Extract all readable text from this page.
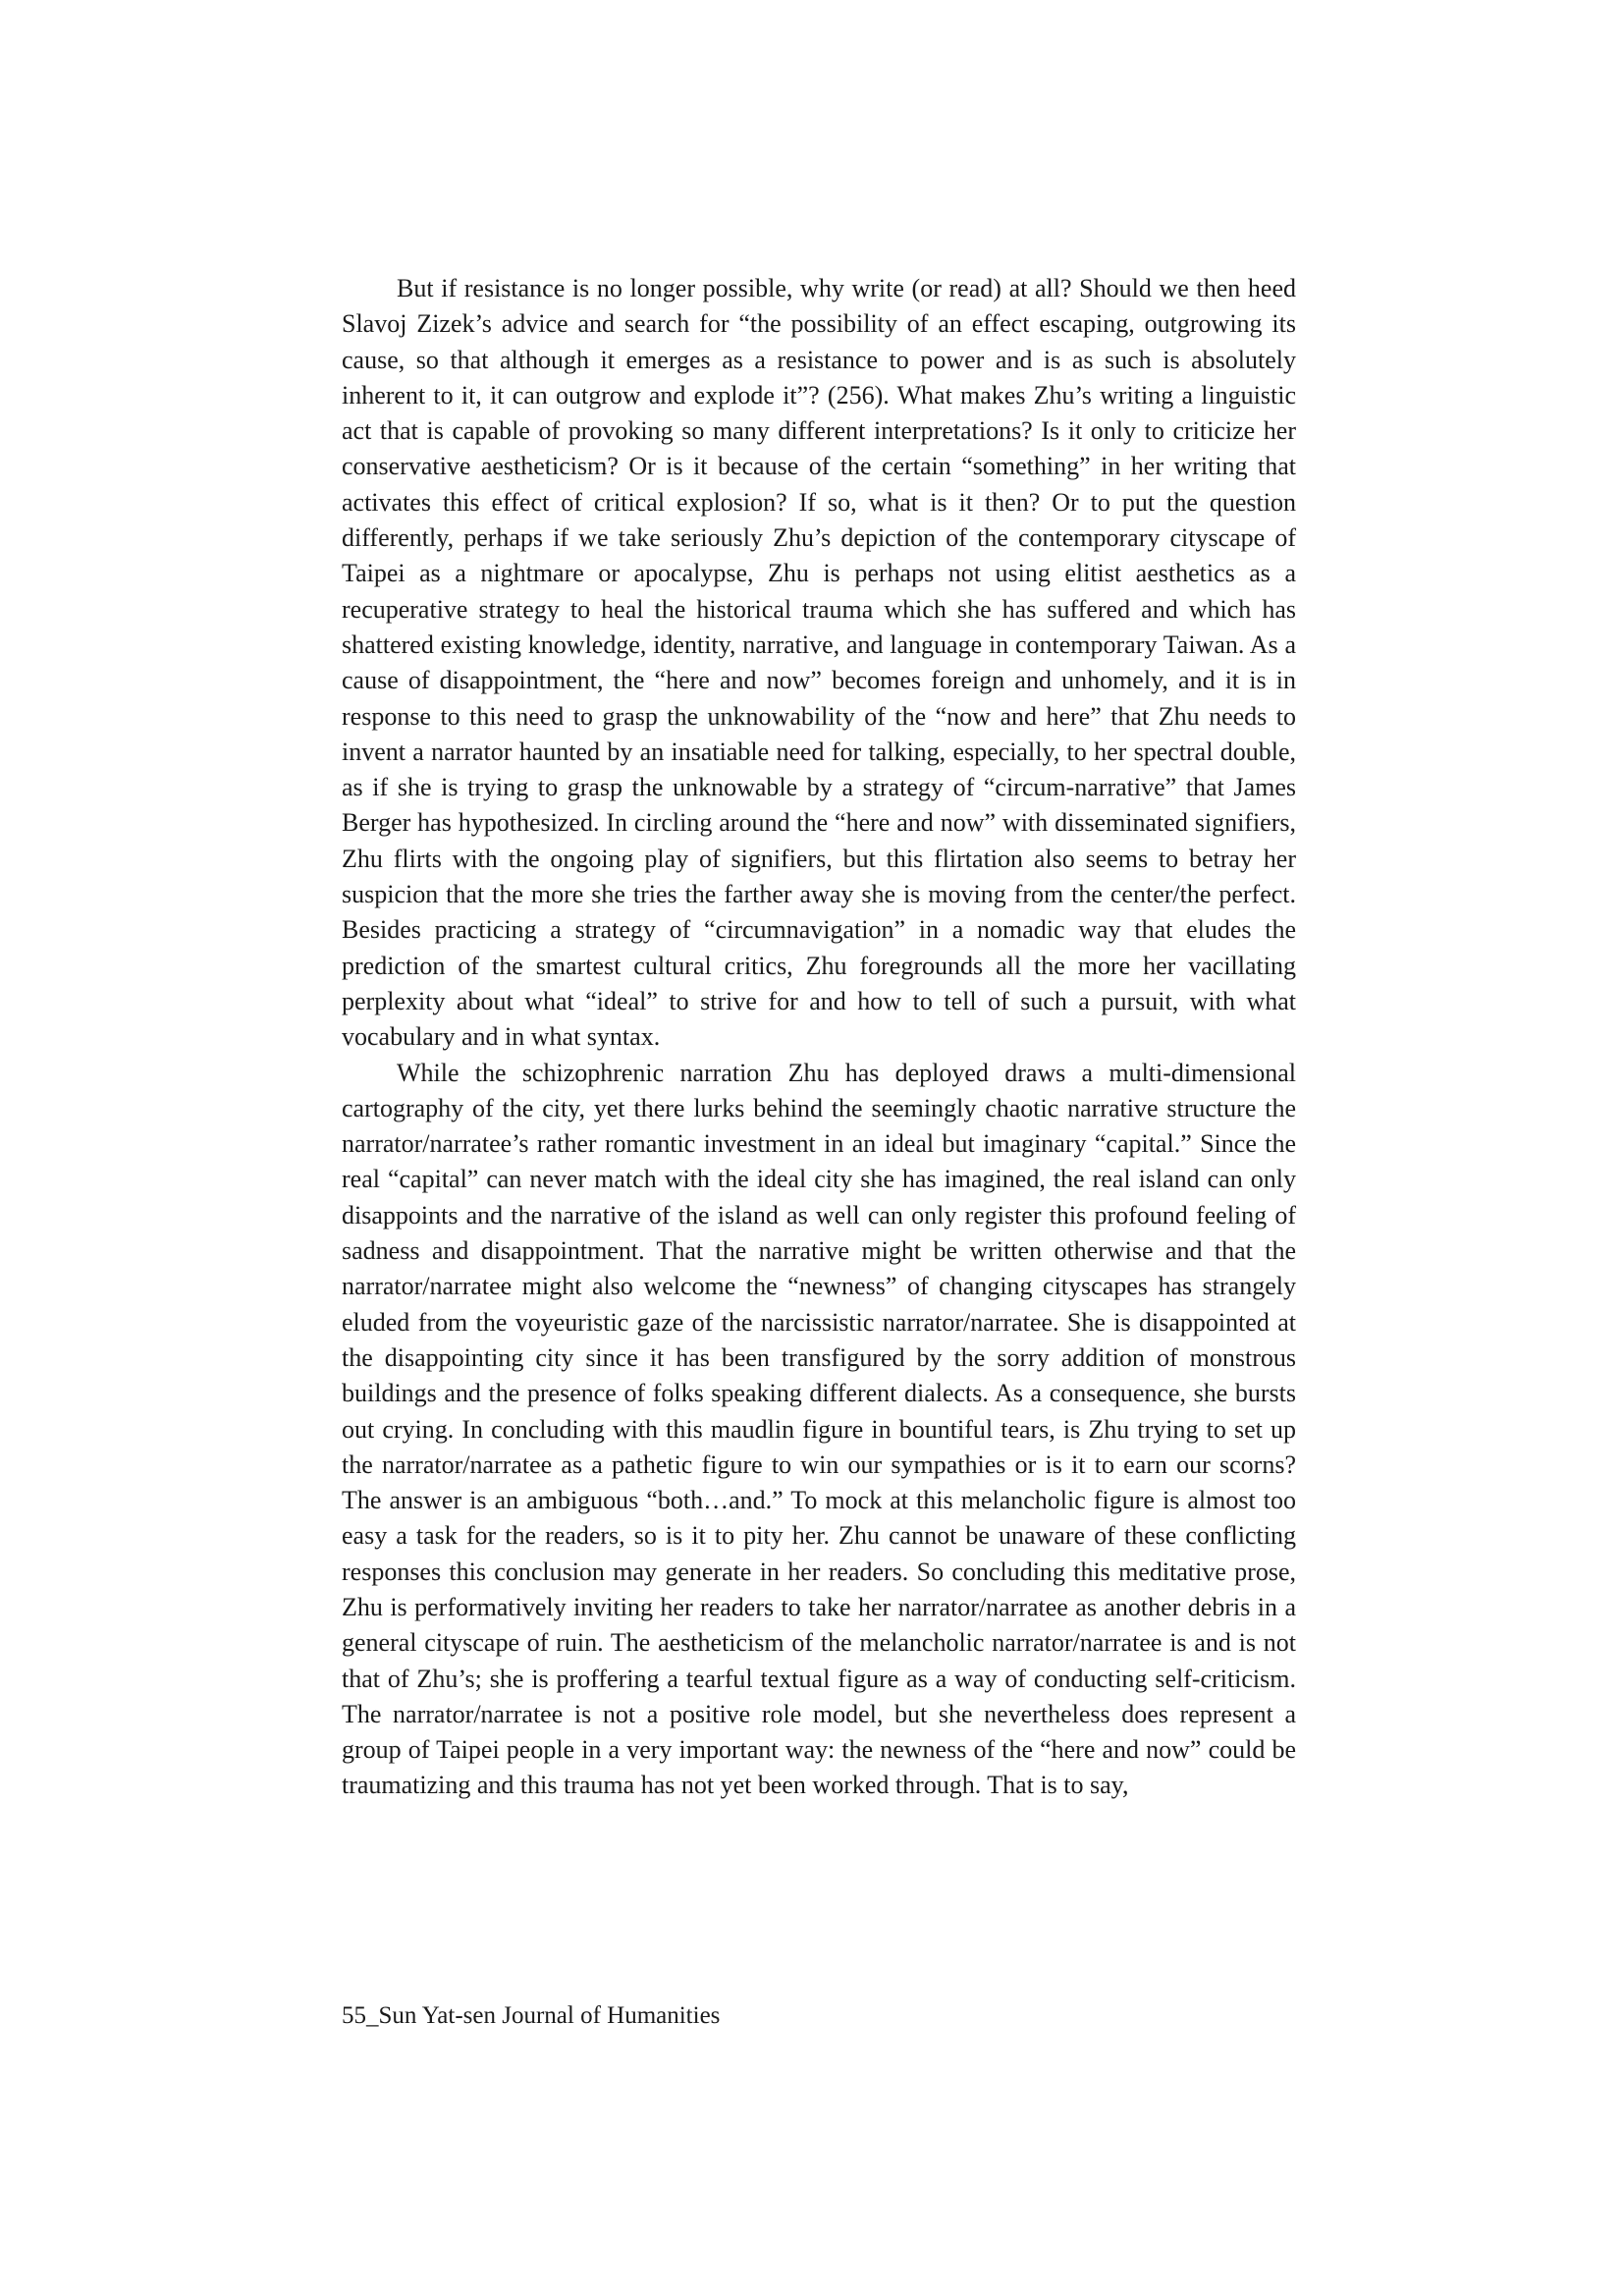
But if resistance is no longer possible, why write (or read) at all? Should we then heed Slavoj Zizek’s advice and search for “the possibility of an effect escaping, outgrowing its cause, so that although it emerges as a resistance to power and is as such is absolutely inherent to it, it can outgrow and explode it”? (256). What makes Zhu’s writing a linguistic act that is capable of provoking so many different interpretations? Is it only to criticize her conservative aestheticism? Or is it because of the certain “something” in her writing that activates this effect of critical explosion? If so, what is it then? Or to put the question differently, perhaps if we take seriously Zhu’s depiction of the contemporary cityscape of Taipei as a nightmare or apocalypse, Zhu is perhaps not using elitist aesthetics as a recuperative strategy to heal the historical trauma which she has suffered and which has shattered existing knowledge, identity, narrative, and language in contemporary Taiwan. As a cause of disappointment, the “here and now” becomes foreign and unhomely, and it is in response to this need to grasp the unknowability of the “now and here” that Zhu needs to invent a narrator haunted by an insatiable need for talking, especially, to her spectral double, as if she is trying to grasp the unknowable by a strategy of “circum-narrative” that James Berger has hypothesized. In circling around the “here and now” with disseminated signifiers, Zhu flirts with the ongoing play of signifiers, but this flirtation also seems to betray her suspicion that the more she tries the farther away she is moving from the center/the perfect. Besides practicing a strategy of “circumnavigation” in a nomadic way that eludes the prediction of the smartest cultural critics, Zhu foregrounds all the more her vacillating perplexity about what “ideal” to strive for and how to tell of such a pursuit, with what vocabulary and in what syntax.

While the schizophrenic narration Zhu has deployed draws a multi-dimensional cartography of the city, yet there lurks behind the seemingly chaotic narrative structure the narrator/narratee’s rather romantic investment in an ideal but imaginary “capital.” Since the real “capital” can never match with the ideal city she has imagined, the real island can only disappoints and the narrative of the island as well can only register this profound feeling of sadness and disappointment. That the narrative might be written otherwise and that the narrator/narratee might also welcome the “newness” of changing cityscapes has strangely eluded from the voyeuristic gaze of the narcissistic narrator/narratee. She is disappointed at the disappointing city since it has been transfigured by the sorry addition of monstrous buildings and the presence of folks speaking different dialects. As a consequence, she bursts out crying. In concluding with this maudlin figure in bountiful tears, is Zhu trying to set up the narrator/narratee as a pathetic figure to win our sympathies or is it to earn our scorns? The answer is an ambiguous “both…and.” To mock at this melancholic figure is almost too easy a task for the readers, so is it to pity her. Zhu cannot be unaware of these conflicting responses this conclusion may generate in her readers. So concluding this meditative prose, Zhu is performatively inviting her readers to take her narrator/narratee as another debris in a general cityscape of ruin. The aestheticism of the melancholic narrator/narratee is and is not that of Zhu’s; she is proffering a tearful textual figure as a way of conducting self-criticism. The narrator/narratee is not a positive role model, but she nevertheless does represent a group of Taipei people in a very important way: the newness of the “here and now” could be traumatizing and this trauma has not yet been worked through. That is to say,

55_Sun Yat-sen Journal of Humanities
